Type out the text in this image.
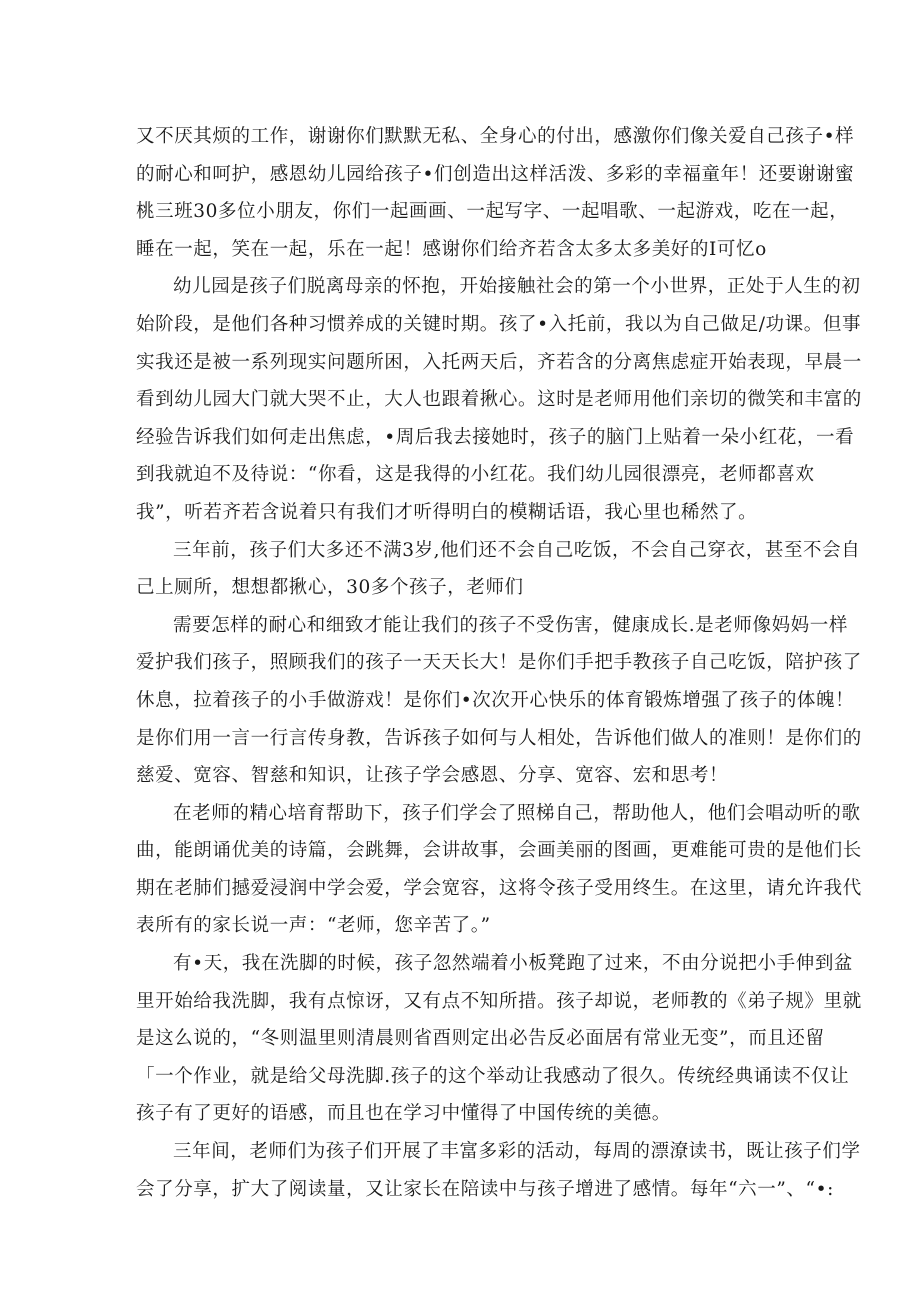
又不厌其烦的工作，谢谢你们默默无私、全身心的付出，感激你们像关爱自己孩子•样
的耐心和呵护，感恩幼儿园给孩子•们创造出这样活泼、多彩的幸福童年！还要谢谢蜜
桃三班30多位小朋友，你们一起画画、一起写字、一起唱歌、一起游戏，吃在一起，
睡在一起，笑在一起，乐在一起！感谢你们给齐若含太多太多美好的I可忆o
幼儿园是孩子们脱离母亲的怀抱，开始接触社会的第一个小世界，正处于人生的初
始阶段，是他们各种习惯养成的关键时期。孩了•入托前，我以为自己做足/功课。但事
实我还是被一系列现实问题所困，入托两天后，齐若含的分离焦虑症开始表现，早晨一
看到幼儿园大门就大哭不止，大人也跟着揪心。这时是老师用他们亲切的微笑和丰富的
经验告诉我们如何走出焦虑，•周后我去接她时，孩子的脑门上贴着一朵小红花，一看
到我就迫不及待说：“你看，这是我得的小红花。我们幼儿园很漂亮，老师都喜欢
我”，听若齐若含说着只有我们才听得明白的模糊话语，我心里也稀然了。
三年前，孩子们大多还不满3岁,他们还不会自己吃饭，不会自己穿衣，甚至不会自
己上厕所，想想都揪心，30多个孩子，老师们
需要怎样的耐心和细致才能让我们的孩子不受伤害，健康成长.是老师像妈妈一样
爱护我们孩子，照顾我们的孩子一天天长大！是你们手把手教孩子自己吃饭，陪护孩了
休息，拉着孩子的小手做游戏！是你们•次次开心快乐的体育锻炼增强了孩子的体魄！
是你们用一言一行言传身教，告诉孩子如何与人相处，告诉他们做人的准则！是你们的
慈爱、宽容、智慈和知识，让孩子学会感恩、分享、宽容、宏和思考！
在老师的精心培育帮助下，孩子们学会了照梯自己，帮助他人，他们会唱动听的歌
曲，能朗诵优美的诗篇，会跳舞，会讲故事，会画美丽的图画，更难能可贵的是他们长
期在老肺们撼爱浸润中学会爱，学会宽容，这将令孩子受用终生。在这里，请允许我代
表所有的家长说一声：“老师，您辛苦了。”
有•天，我在洗脚的时候，孩子忽然端着小板凳跑了过来，不由分说把小手伸到盆
里开始给我洗脚，我有点惊讶，又有点不知所措。孩子却说，老师教的《弟子规》里就
是这么说的，“冬则温里则清晨则省酉则定出必告反必面居有常业无变”，而且还留
「一个作业，就是给父母洗脚.孩子的这个举动让我感动了很久。传统经典诵读不仅让
孩子有了更好的语感，而且也在学习中懂得了中国传统的美德。
三年间，老师们为孩子们开展了丰富多彩的活动，每周的漂潦读书，既让孩子们学
会了分享，扩大了阅读量，又让家长在陪读中与孩子增进了感情。每年“六一”、“•:
